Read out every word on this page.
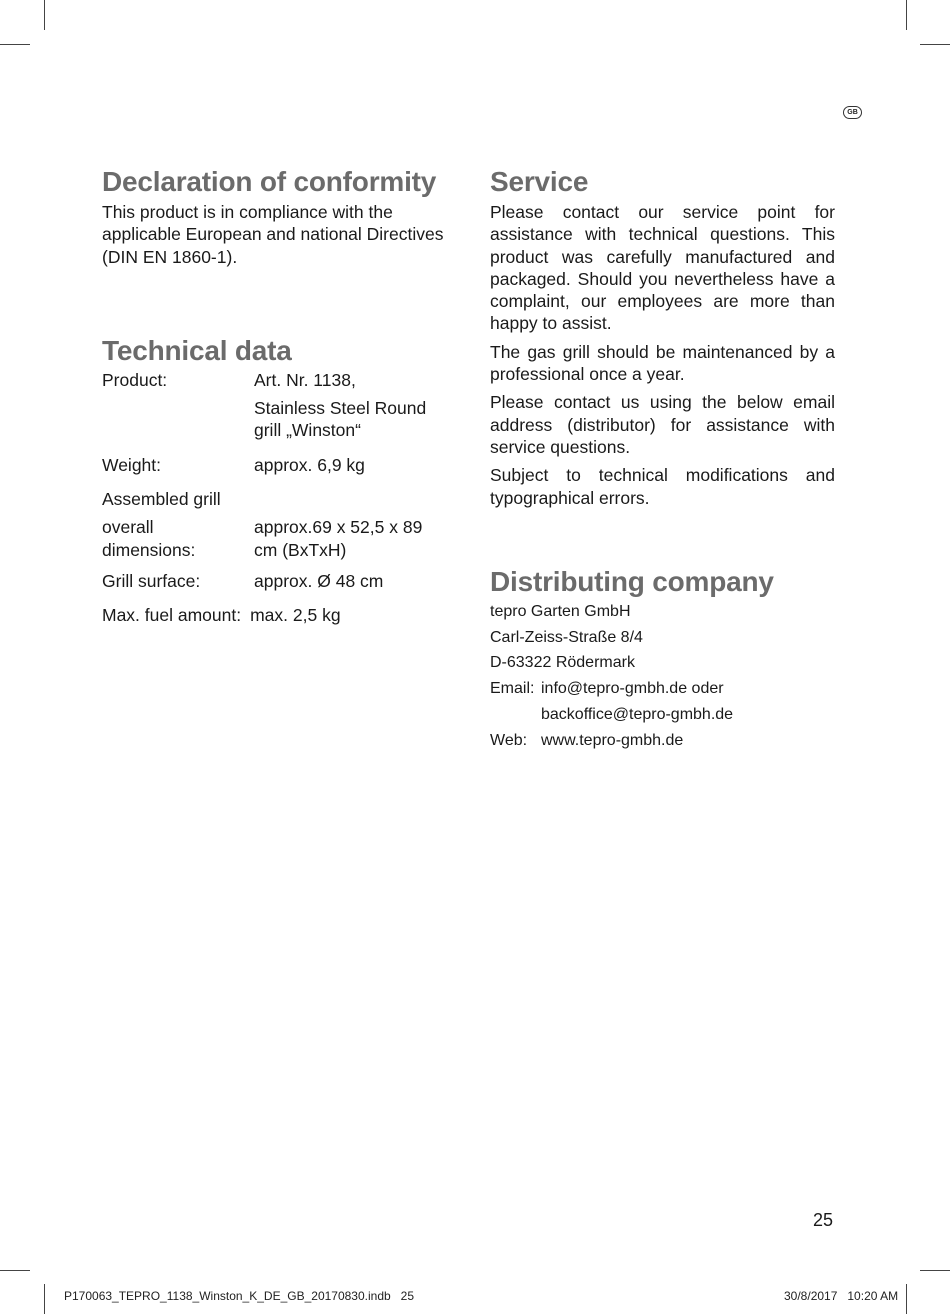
GB
Declaration of conformity

This product is in compliance with the applicable European and national Directives (DIN EN 1860-1).

Technical data
Product:	Art. Nr. 1138,
Stainless Steel Round grill „Winston“
Weight:	approx. 6,9 kg
Assembled grill
overall dimensions:
approx.69 x 52,5 x 89 cm (BxTxH)
Grill surface:	approx. Ø 48 cm
Max. fuel amount: max. 2,5 kg
Service

Please contact our service point for assistance with technical questions. This product was carefully manufactured and packaged. Should you nevertheless have a complaint, our employees are more than happy to assist.

The gas grill should be maintenanced by a professional once a year.

Please contact us using the below email address (distributor) for assistance with service questions.

Subject to technical modifications and typographical errors.

Distributing company
tepro Garten GmbH
Carl-Zeiss-Straße 8/4
D-63322 Rödermark
Email: info@tepro-gmbh.de oder
backoffice@tepro-gmbh.de
Web: www.tepro-gmbh.de
25
P170063_TEPRO_1138_Winston_K_DE_GB_20170830.indb   25	30/8/2017   10:20 AM
